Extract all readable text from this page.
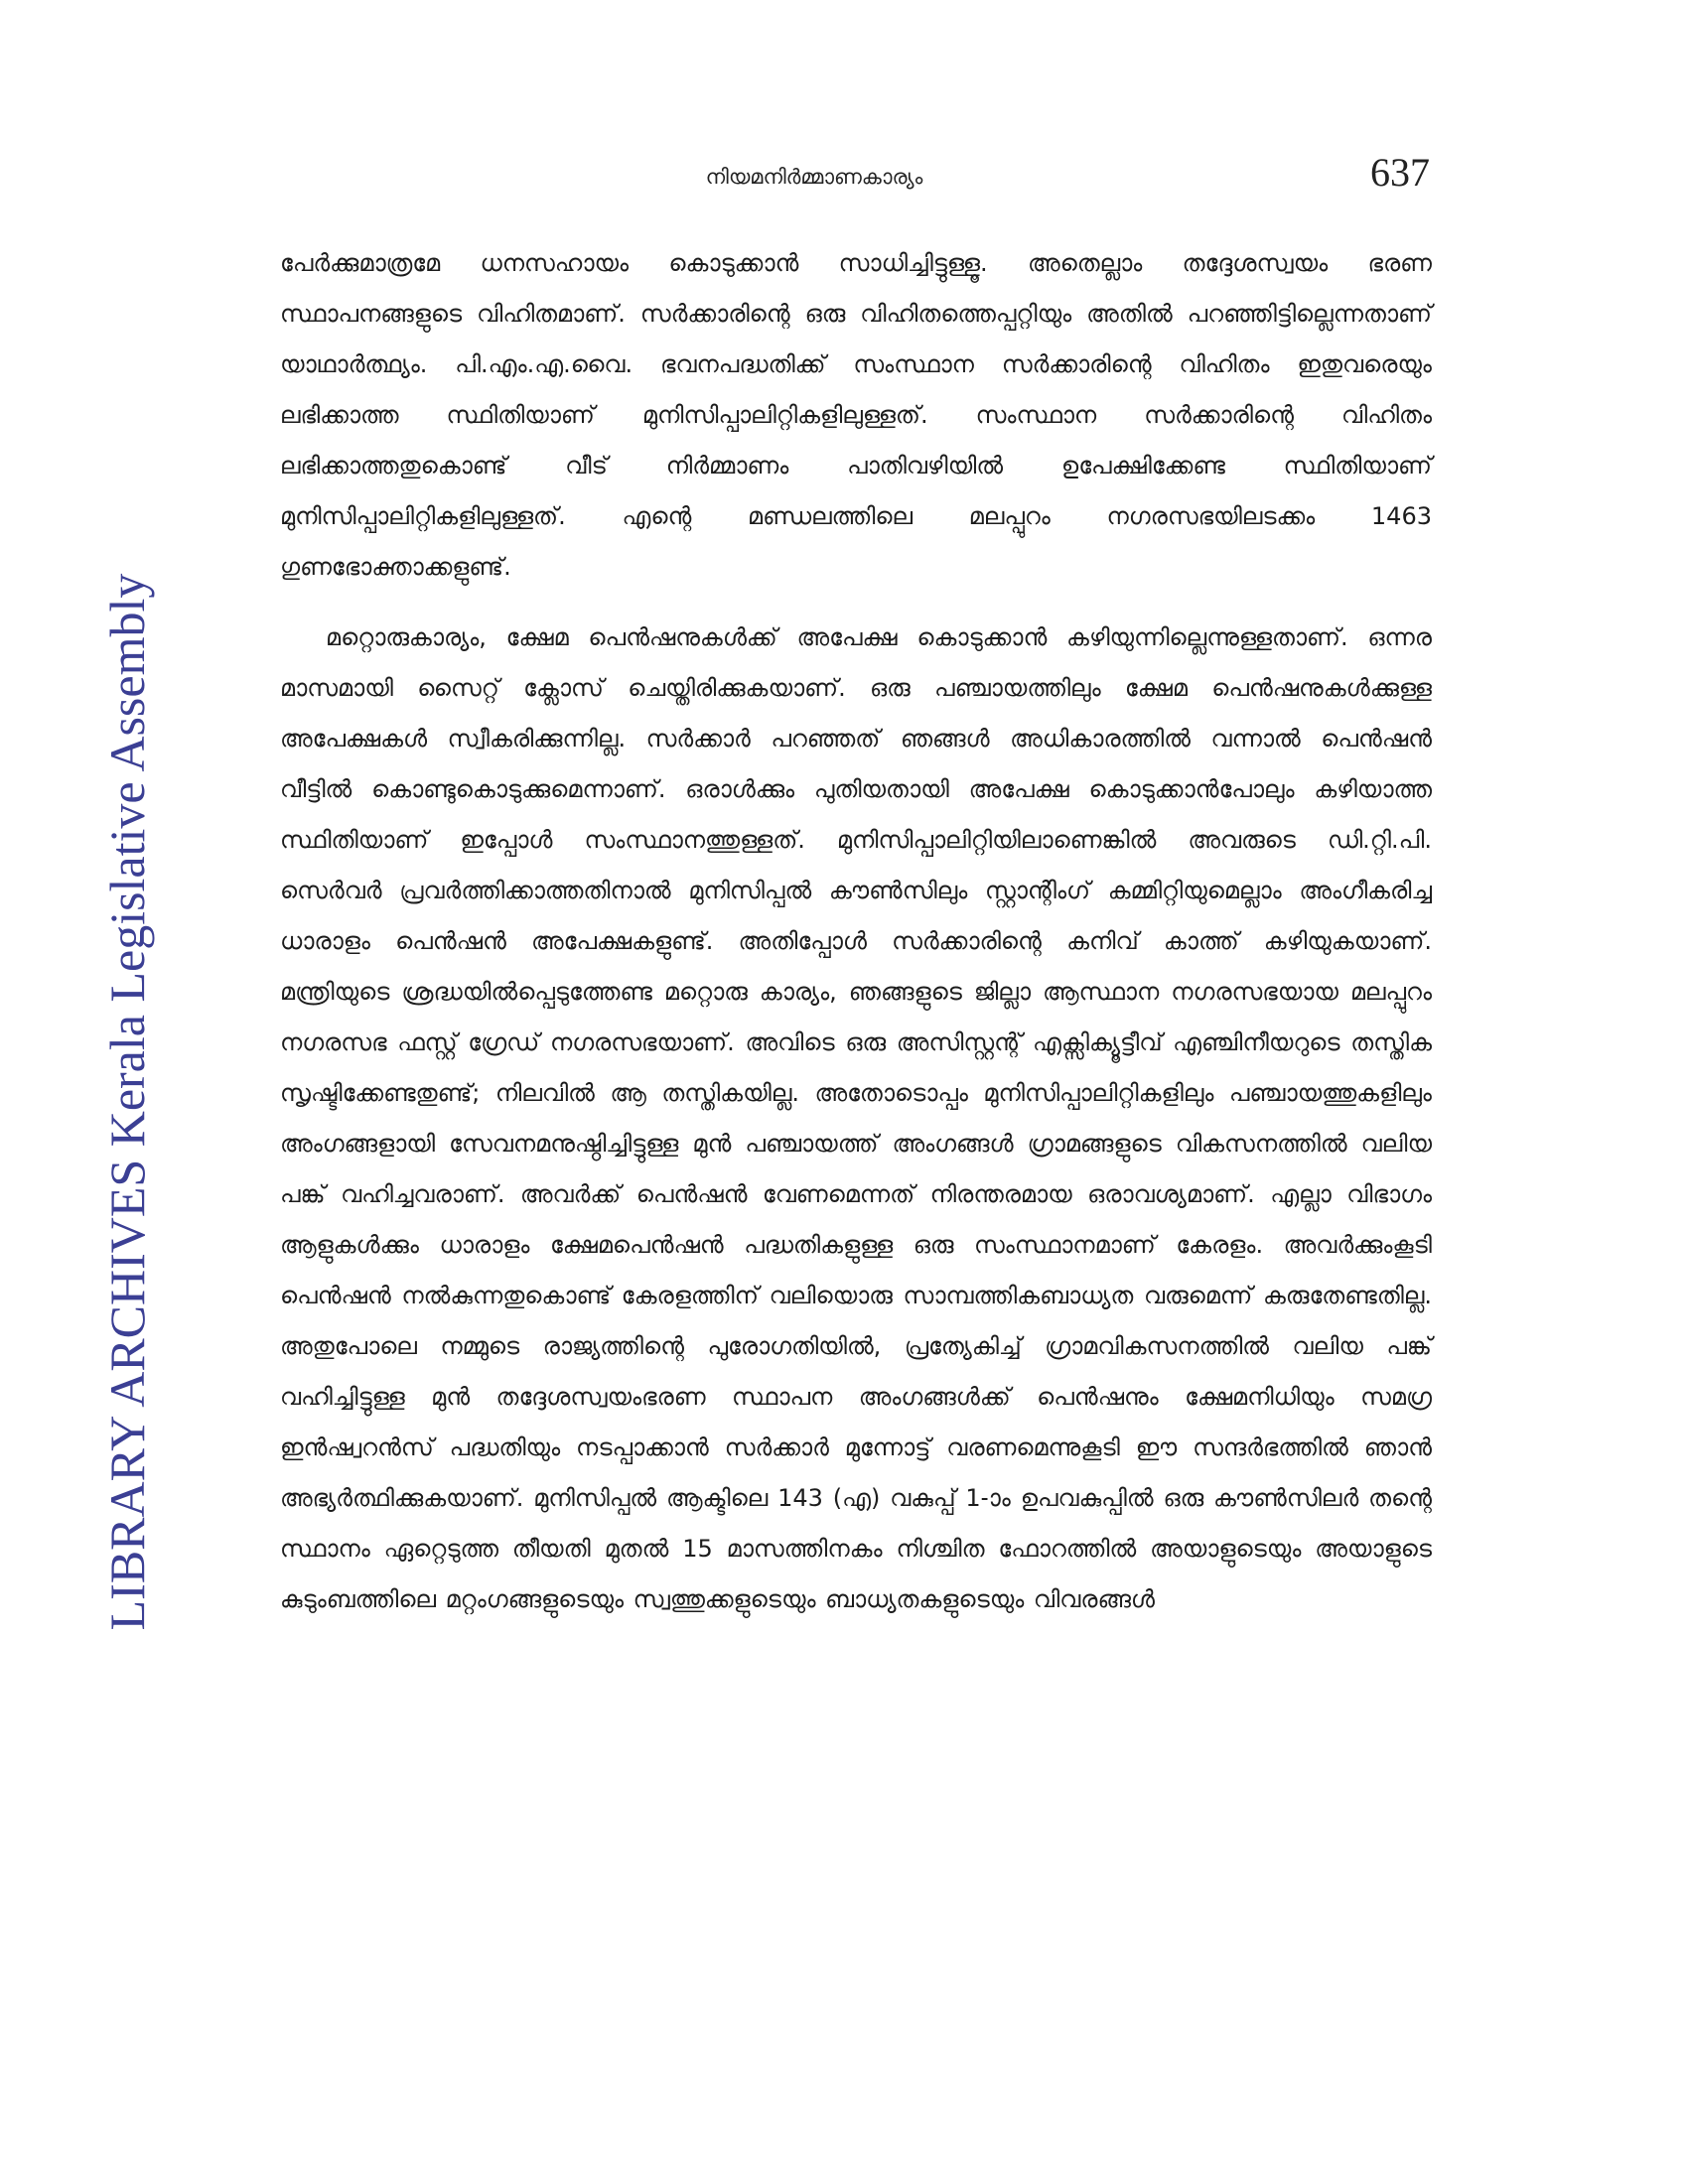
നിയമനിർമ്മാണകാര്യം	637
LIBRARY ARCHIVES Kerala Legislative Assembly

പേർക്കുമാത്രമേ ധനസഹായം കൊടുക്കാൻ സാധിച്ചിട്ടുള്ളൂ. അതെല്ലാം തദ്ദേശസ്വയം ഭരണ സ്ഥാപനങ്ങളുടെ വിഹിതമാണ്. സർക്കാരിന്റെ ഒരു വിഹിതത്തെപ്പറ്റിയും അതിൽ പറഞ്ഞിട്ടില്ലെന്നതാണ് യാഥാർത്ഥ്യം. പി.എം.എ.വൈ. ഭവനപദ്ധതിക്ക് സംസ്ഥാന സർക്കാരിന്റെ വിഹിതം ഇതുവരെയും ലഭിക്കാത്ത സ്ഥിതിയാണ് മുനിസിപ്പാലിറ്റികളിലുള്ളത്. സംസ്ഥാന സർക്കാരിന്റെ വിഹിതം ലഭിക്കാത്തതുകൊണ്ട് വീട് നിർമ്മാണം പാതിവഴിയിൽ ഉപേക്ഷിക്കേണ്ട സ്ഥിതിയാണ് മുനിസിപ്പാലിറ്റികളിലുള്ളത്. എന്റെ മണ്ഡലത്തിലെ മലപ്പുറം നഗരസഭയിലടക്കം 1463 ഗുണഭോക്താക്കളുണ്ട്.

മറ്റൊരുകാര്യം, ക്ഷേമ പെൻഷനുകൾക്ക് അപേക്ഷ കൊടുക്കാൻ കഴിയുന്നില്ലെന്നുള്ളതാണ്. ഒന്നര മാസമായി സൈറ്റ് ക്ലോസ് ചെയ്തിരിക്കുകയാണ്. ഒരു പഞ്ചായത്തിലും ക്ഷേമ പെൻഷനുകൾക്കുള്ള അപേക്ഷകൾ സ്വീകരിക്കുന്നില്ല. സർക്കാർ പറഞ്ഞത് ഞങ്ങൾ അധികാരത്തിൽ വന്നാൽ പെൻഷൻ വീട്ടിൽ കൊണ്ടുകൊടുക്കുമെന്നാണ്. ഒരാൾക്കും പുതിയതായി അപേക്ഷ കൊടുക്കാൻപോലും കഴിയാത്ത സ്ഥിതിയാണ് ഇപ്പോൾ സംസ്ഥാനത്തുള്ളത്. മുനിസിപ്പാലിറ്റിയിലാണെങ്കിൽ അവരുടെ ഡി.റ്റി.പി. സെർവർ പ്രവർത്തിക്കാത്തതിനാൽ മുനിസിപ്പൽ കൗൺസിലും സ്റ്റാന്റിംഗ് കമ്മിറ്റിയുമെല്ലാം അംഗീകരിച്ച ധാരാളം പെൻഷൻ അപേക്ഷകളുണ്ട്. അതിപ്പോൾ സർക്കാരിന്റെ കനിവ് കാത്ത് കഴിയുകയാണ്. മന്ത്രിയുടെ ശ്രദ്ധയിൽപ്പെടുത്തേണ്ട മറ്റൊരു കാര്യം, ഞങ്ങളുടെ ജില്ലാ ആസ്ഥാന നഗരസഭയായ മലപ്പുറം നഗരസഭ ഫസ്റ്റ് ഗ്രേഡ് നഗരസഭയാണ്. അവിടെ ഒരു അസിസ്റ്റന്റ് എക്സിക്യൂട്ടീവ് എഞ്ചിനീയറുടെ തസ്തിക സൃഷ്ടിക്കേണ്ടതുണ്ട്; നിലവിൽ ആ തസ്തികയില്ല. അതോടൊപ്പം മുനിസിപ്പാലിറ്റികളിലും പഞ്ചായത്തുകളിലും അംഗങ്ങളായി സേവനമനുഷ്ഠിച്ചിട്ടുള്ള മുൻ പഞ്ചായത്ത് അംഗങ്ങൾ ഗ്രാമങ്ങളുടെ വികസനത്തിൽ വലിയ പങ്ക് വഹിച്ചവരാണ്. അവർക്ക് പെൻഷൻ വേണമെന്നത് നിരന്തരമായ ഒരാവശ്യമാണ്. എല്ലാ വിഭാഗം ആളുകൾക്കും ധാരാളം ക്ഷേമപെൻഷൻ പദ്ധതികളുള്ള ഒരു സംസ്ഥാനമാണ് കേരളം. അവർക്കുംകൂടി പെൻഷൻ നൽകുന്നതുകൊണ്ട് കേരളത്തിന് വലിയൊരു സാമ്പത്തികബാധ്യത വരുമെന്ന് കരുതേണ്ടതില്ല. അതുപോലെ നമ്മുടെ രാജ്യത്തിന്റെ പുരോഗതിയിൽ, പ്രത്യേകിച്ച് ഗ്രാമവികസനത്തിൽ വലിയ പങ്ക് വഹിച്ചിട്ടുള്ള മുൻ തദ്ദേശസ്വയംഭരണ സ്ഥാപന അംഗങ്ങൾക്ക് പെൻഷനും ക്ഷേമനിധിയും സമഗ്ര ഇൻഷ്വറൻസ് പദ്ധതിയും നടപ്പാക്കാൻ സർക്കാർ മുന്നോട്ട് വരണമെന്നുകൂടി ഈ സന്ദർഭത്തിൽ ഞാൻ അഭ്യർത്ഥിക്കുകയാണ്. മുനിസിപ്പൽ ആക്ടിലെ 143 (എ) വകുപ്പ് 1-ാം ഉപവകുപ്പിൽ ഒരു കൗൺസിലർ തന്റെ സ്ഥാനം ഏറ്റെടുത്ത തീയതി മുതൽ 15 മാസത്തിനകം നിശ്ചിത ഫോറത്തിൽ അയാളുടെയും അയാളുടെ കുടുംബത്തിലെ മറ്റംഗങ്ങളുടെയും സ്വത്തുക്കളുടെയും ബാധ്യതകളുടെയും വിവരങ്ങൾ
